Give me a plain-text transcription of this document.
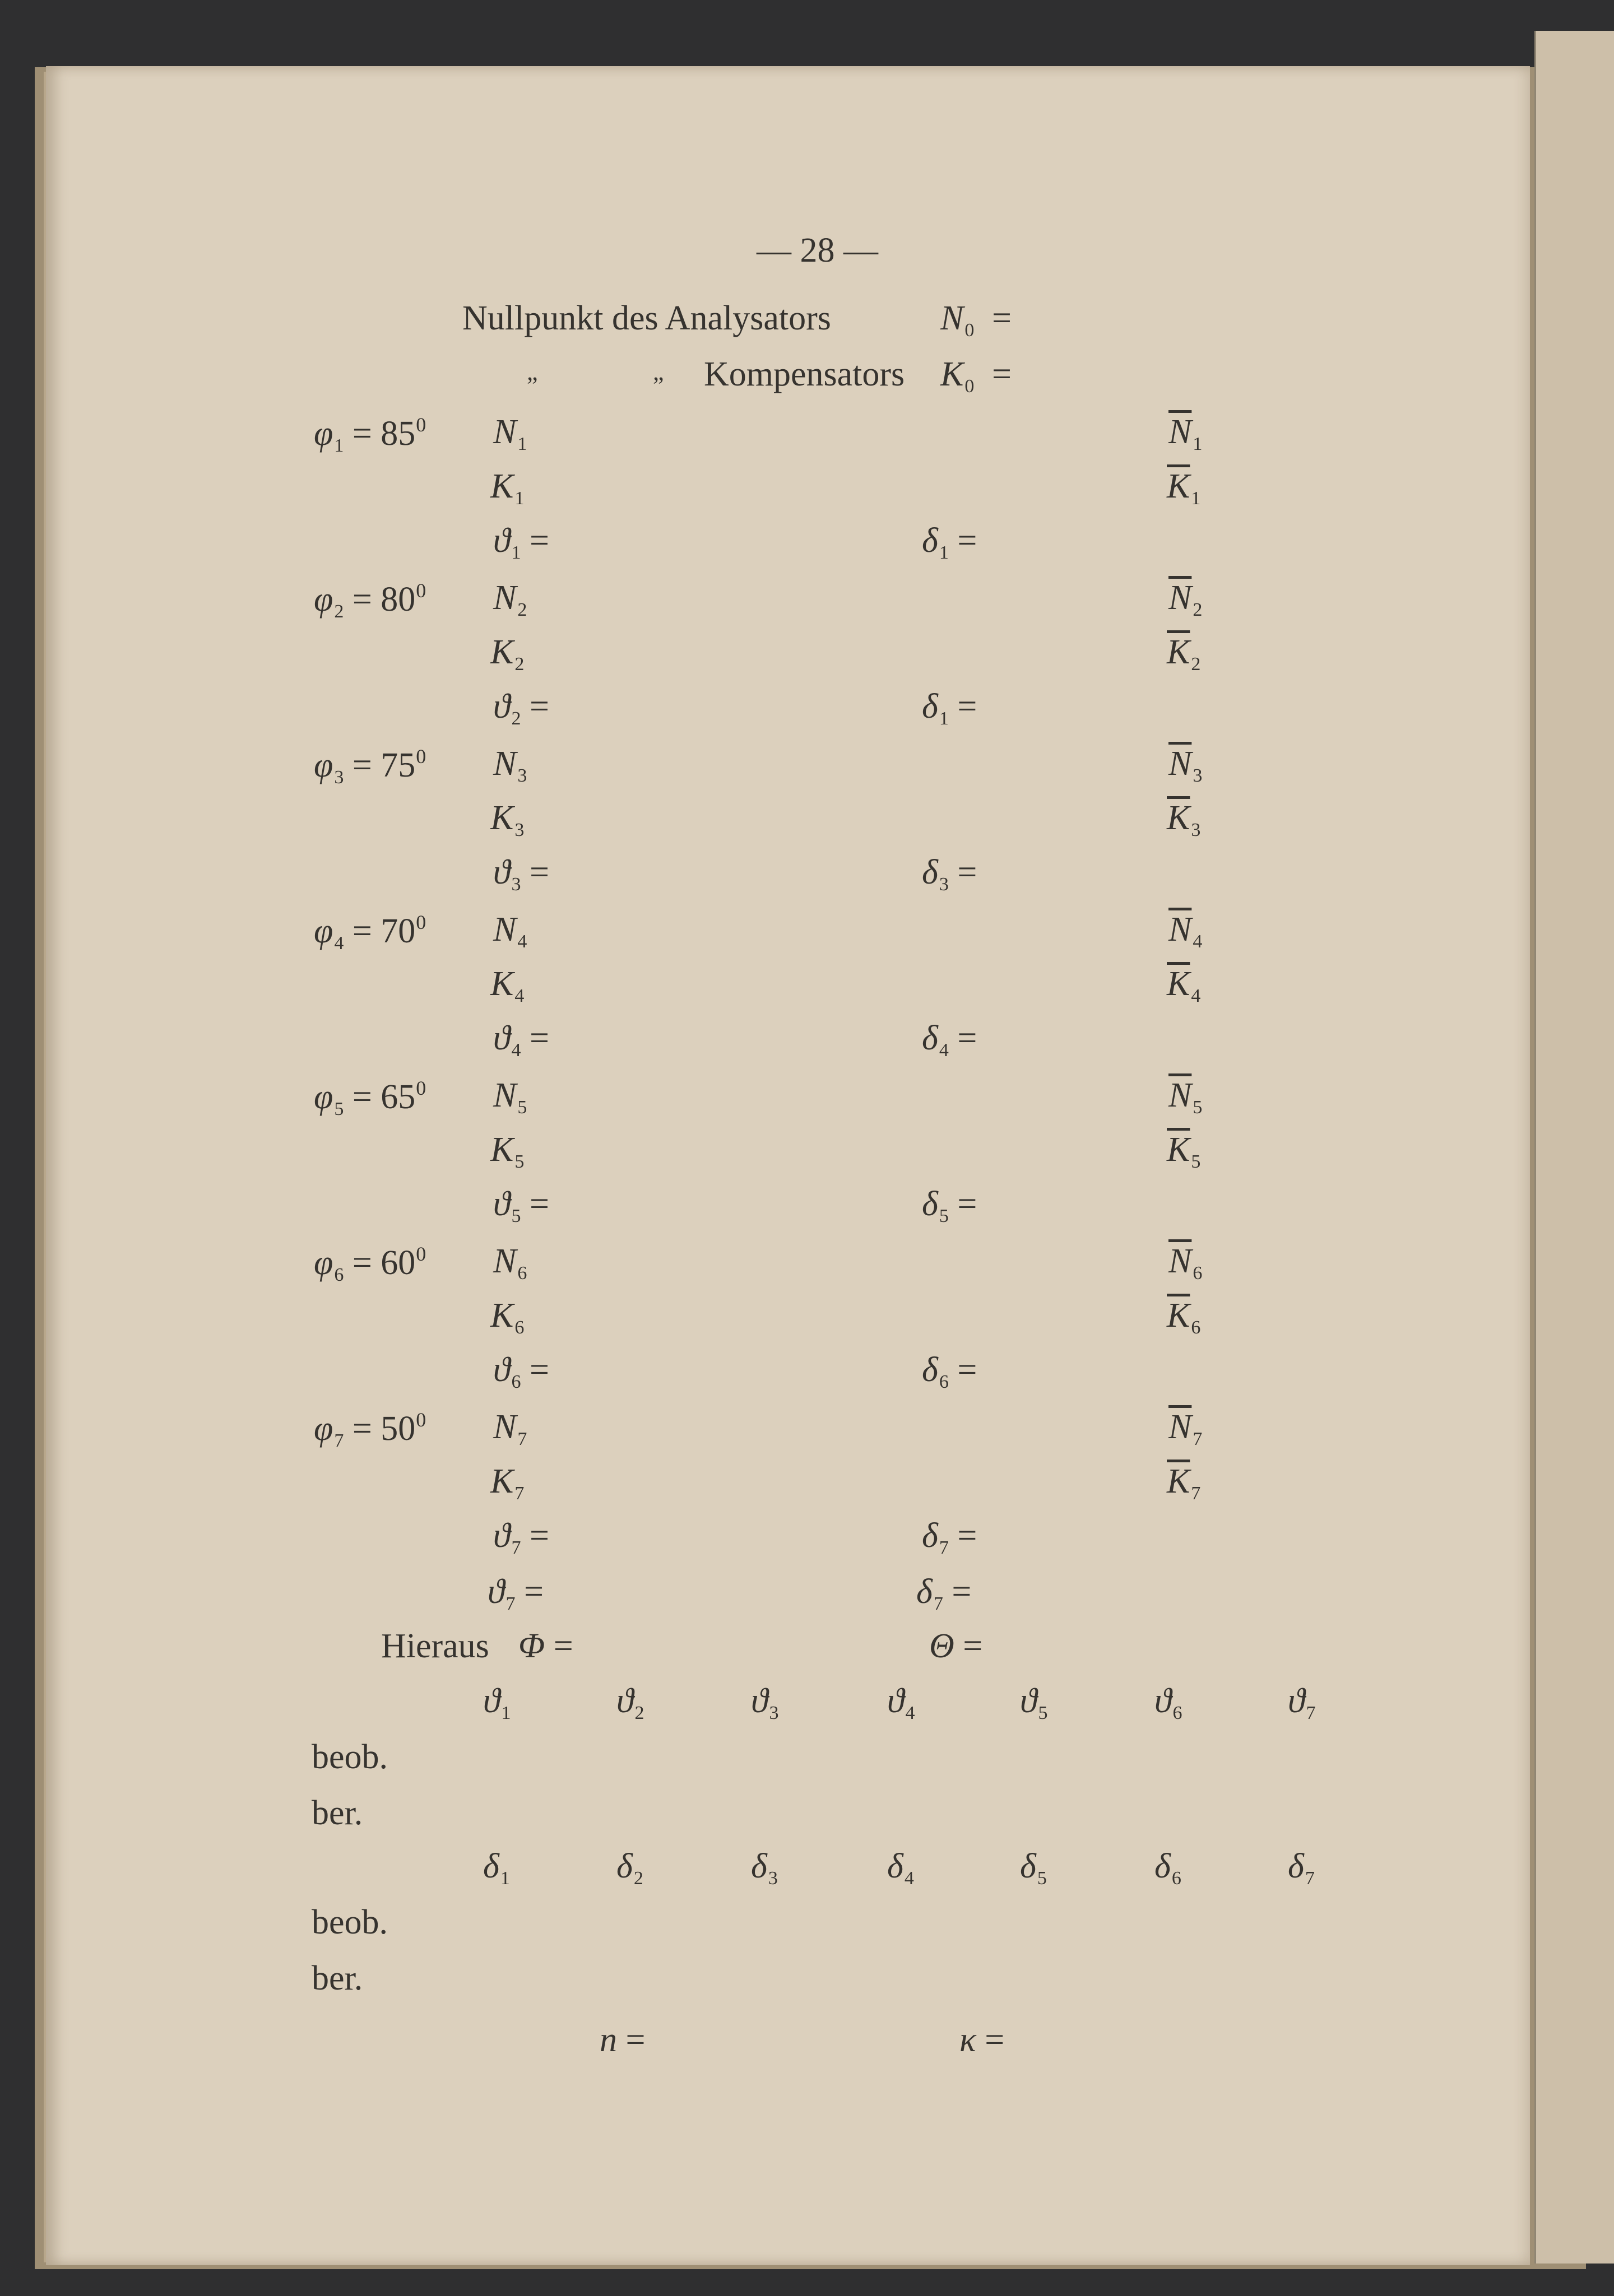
— 28 —
Nullpunkt des Analysators	$N_0$ =
„	„ Kompensators $K_0$ =
$\varphi_1 = 85^0$ $N_1$	$\overline{N}_1$
$K_1$	$\overline{K}_1$
$ϑ_1$ =	$\delta_1$ =
$\varphi_2 = 80^0$ $N_2$	$\overline{N}_2$
$K_2$	$\overline{K}_2$
$ϑ_2$ =	$\delta_1$ =
$\varphi_3 = 75^0$ $N_3$	$\overline{N}_3$
$K_3$	$\overline{K}_3$
$ϑ_3$ =	$\delta_3$ =
$\varphi_4 = 70^0$ $N_4$	$\overline{N}_4$
$K_4$	$\overline{K}_4$
$ϑ_4$ =	$\delta_4$ =
$\varphi_5 = 65^0$ $N_5$	$\overline{N}_5$
$K_5$	$\overline{K}_5$
$ϑ_5$ =	$\delta_5$ =
$\varphi_6 = 60^0$ $N_6$	$\overline{N}_6$
$K_6$	$\overline{K}_6$
$ϑ_6$ =	$\delta_6$ =
$\varphi_7 = 50^0$ $N_7$	$\overline{N}_7$
$K_7$	$\overline{K}_7$
$ϑ_7$ =	$\delta_7$ =
$ϑ_7$ =	$\delta_7$ =
Hieraus Φ =	Θ =
$ϑ_1$	$ϑ_2$	$ϑ_3$	$ϑ_4$	$ϑ_5$	$ϑ_6$	$ϑ_7$
beob.
ber.
$\delta_1$	$\delta_2$	$\delta_3$	$\delta_4$	$\delta_5$	$\delta_6$	$\delta_7$
beob.
ber.
n =	κ =
